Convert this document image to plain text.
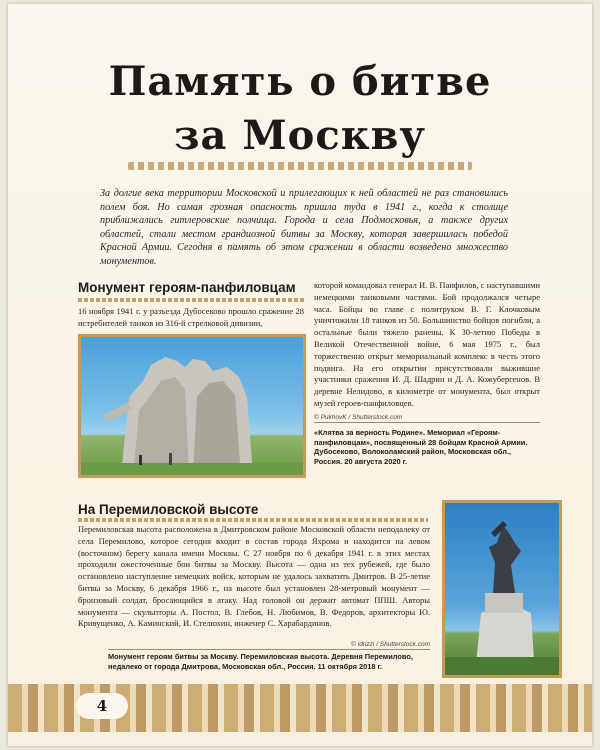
Память о битве
за Москву

За долгие века территории Московской и прилегающих к ней областей не раз становились полем боя. Но самая грозная опасность пришла туда в 1941 г., когда к столице приближались гитлеровские полчища. Города и села Подмосковья, а также других областей, стали местом грандиозной битвы за Москву, которая завершилась победой Красной Армии. Сегодня в память об этом сражении в области возведено множество монументов.

Монумент героям-панфиловцам

16 ноября 1941 г. у разъезда Дубосеково прошло сражение 28 истребителей танков из 316-й стрелковой дивизии,

которой командовал генерал И. В. Панфилов, с наступавшими немецкими танковыми частями. Бой продолжался четыре часа. Бойцы во главе с политруком В. Г. Клочковым уничтожили 18 танков из 50. Большинство бойцов погибли, а остальные были тяжело ранены. К 30-летию Победы в Великой Отечественной войне, 6 мая 1975 г., был торжественно открыт мемориальный комплекс в честь этого подвига. На его открытии присутствовали выжившие участники сражения И. Д. Шадрин и Д. А. Кожубергенов. В деревне Нелидово, в километре от монумента, был открыт музей героев-панфиловцев.

© PukhovK / Shutterstock.com

«Клятва за верность Родине». Мемориал «Героям-панфиловцам», посвященный 28 бойцам Красной Армии. Дубосеково, Волоколамский район, Московская обл., Россия. 20 августа 2020 г.

На Перемиловской высоте

Перемиловская высота расположена в Дмитровском районе Московской области неподалеку от села Перемилово, которое сегодня входит в состав города Яхрома и находится на левом (восточном) берегу канала имени Москвы. С 27 ноября по 6 декабря 1941 г. в этих местах проходили ожесточенные бои битвы за Москву. Высота — одна из тех рубежей, где было остановлено наступление немецких войск, которым не удалось захватить Дмитров. В 25-летие битвы за Москву, 6 декабря 1966 г., на высоте был установлен 28-метровый монумент — бронзовый солдат, бросающийся в атаку. Над головой он держит автомат ППШ. Авторы монумента — скульпторы А. Постол, В. Глебов, Н. Любимов, В. Федоров, архитекторы Ю. Кривущенко, А. Каминский, И. Стелюхин, инженер С. Харабардинов.

© idrizzi / Shutterstock.com

Монумент героям битвы за Москву. Перемиловская высота. Деревня Перемилово, недалеко от города Дмитрова, Московская обл., Россия. 11 октября 2018 г.

4
